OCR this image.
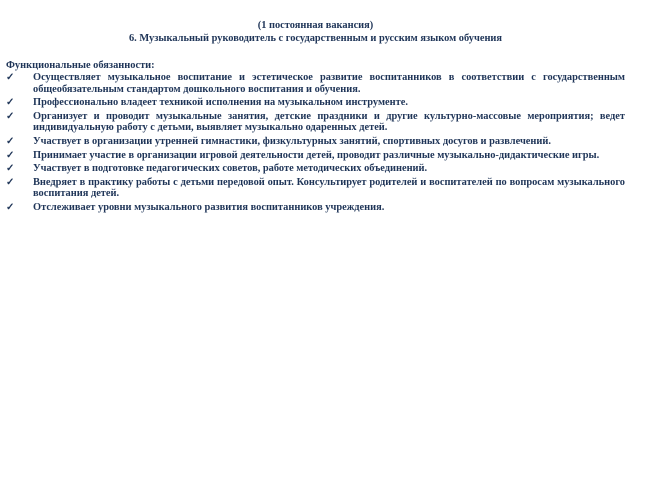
(1 постоянная вакансия)
6. Музыкальный руководитель с государственным и русским языком обучения
Функциональные обязанности:
✓	Осуществляет музыкальное воспитание и эстетическое развитие воспитанников в соответствии с государственным общеобязательным стандартом дошкольного воспитания и обучения.
✓	Профессионально владеет техникой исполнения на музыкальном инструменте.
✓	Организует и проводит музыкальные занятия, детские праздники и другие культурно-массовые мероприятия; ведет индивидуальную работу с детьми, выявляет музыкально одаренных детей.
✓	Участвует в организации утренней гимнастики, физкультурных занятий, спортивных досугов и развлечений.
✓	Принимает участие в организации игровой деятельности детей, проводит различные музыкально-дидактические игры.
✓	Участвует в подготовке педагогических советов, работе методических объединений.
✓	Внедряет в практику работы с детьми передовой опыт. Консультирует родителей и воспитателей по вопросам музыкального воспитания детей.
✓	Отслеживает уровни музыкального развития воспитанников учреждения.
